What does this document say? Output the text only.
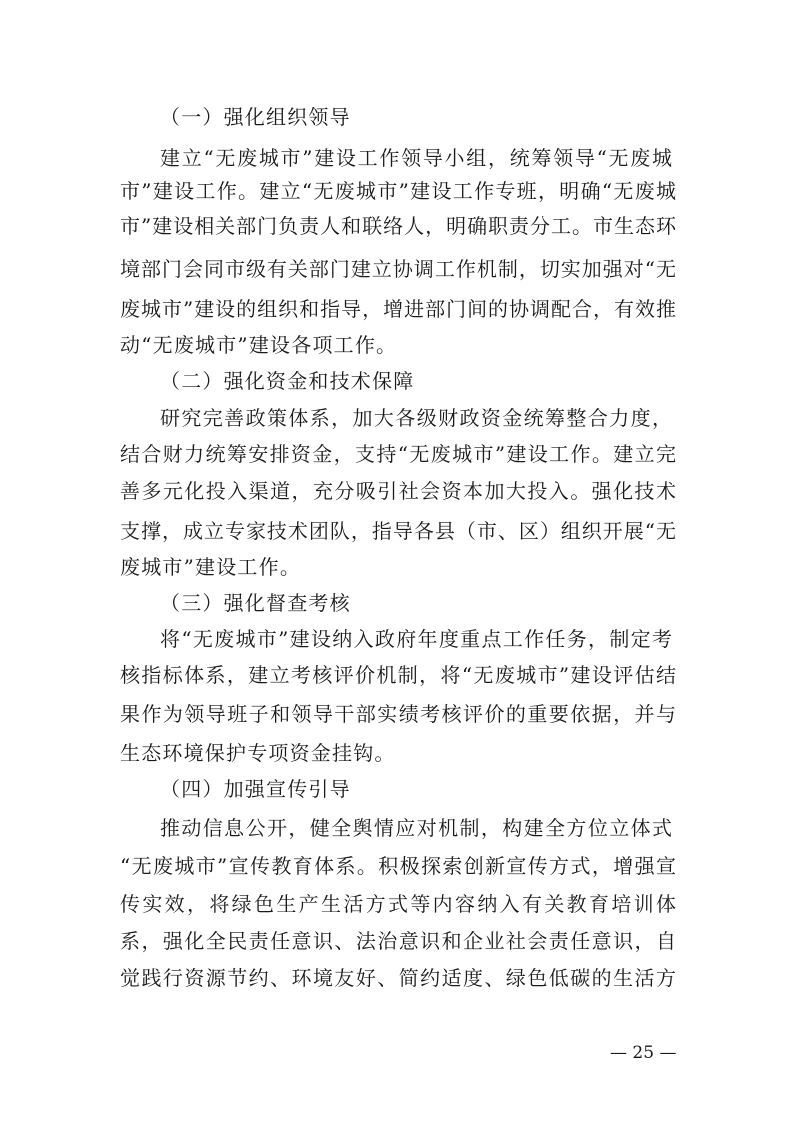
（一）强化组织领导
建立“无废城市”建设工作领导小组，统筹领导“无废城
市”建设工作。建立“无废城市”建设工作专班，明确“无废城
市”建设相关部门负责人和联络人，明确职责分工。市生态环
境部门会同市级有关部门建立协调工作机制，切实加强对“无
废城市”建设的组织和指导，增进部门间的协调配合，有效推
动“无废城市”建设各项工作。
（二）强化资金和技术保障
研究完善政策体系，加大各级财政资金统筹整合力度，
结合财力统筹安排资金，支持“无废城市”建设工作。建立完
善多元化投入渠道，充分吸引社会资本加大投入。强化技术
支撑，成立专家技术团队，指导各县（市、区）组织开展“无
废城市”建设工作。
（三）强化督查考核
将“无废城市”建设纳入政府年度重点工作任务，制定考
核指标体系，建立考核评价机制，将“无废城市”建设评估结
果作为领导班子和领导干部实绩考核评价的重要依据，并与
生态环境保护专项资金挂钩。
（四）加强宣传引导
推动信息公开，健全舆情应对机制，构建全方位立体式
“无废城市”宣传教育体系。积极探索创新宣传方式，增强宣
传实效，将绿色生产生活方式等内容纳入有关教育培训体
系，强化全民责任意识、法治意识和企业社会责任意识，自
觉践行资源节约、环境友好、简约适度、绿色低碳的生活方
— 25 —
